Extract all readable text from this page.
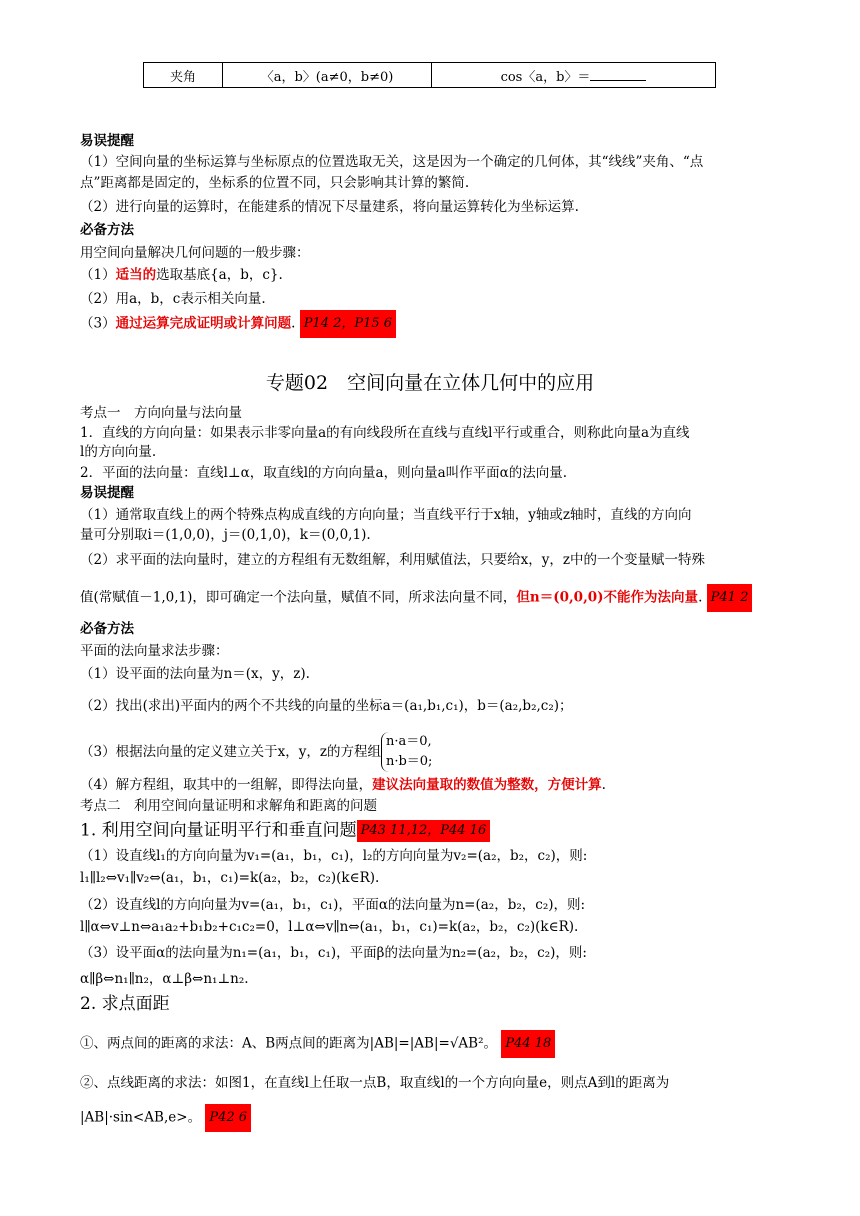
夹角	〈a，b〉(a≠0，b≠0)	cos〈a，b〉＝
易误提醒
（1）空间向量的坐标运算与坐标原点的位置选取无关，这是因为一个确定的几何体，其“线线”夹角、“点
点”距离都是固定的，坐标系的位置不同，只会影响其计算的繁简.
（2）进行向量的运算时，在能建系的情况下尽量建系，将向量运算转化为坐标运算.
必备方法
用空间向量解决几何问题的一般步骤：
（1）适当的选取基底{a，b，c}.
（2）用a，b，c表示相关向量.
（3）通过运算完成证明或计算问题. P14 2，P15 6
专题02　空间向量在立体几何中的应用
考点一　方向向量与法向量
1．直线的方向向量：如果表示非零向量a的有向线段所在直线与直线l平行或重合，则称此向量a为直线
l的方向向量.
2．平面的法向量：直线l⊥α，取直线l的方向向量a，则向量a叫作平面α的法向量.
易误提醒
（1）通常取直线上的两个特殊点构成直线的方向向量；当直线平行于x轴，y轴或z轴时，直线的方向向
量可分别取i＝(1,0,0)，j＝(0,1,0)，k＝(0,0,1).
（2）求平面的法向量时，建立的方程组有无数组解，利用赋值法，只要给x，y，z中的一个变量赋一特殊
值(常赋值－1,0,1)，即可确定一个法向量，赋值不同，所求法向量不同，但n＝(0,0,0)不能作为法向量. P41 2
必备方法
平面的法向量求法步骤：
（1）设平面的法向量为n＝(x，y，z).
（2）找出(求出)平面内的两个不共线的向量的坐标a＝(a₁,b₁,c₁)，b＝(a₂,b₂,c₂)；
（3）根据法向量的定义建立关于x，y，z的方程组n·a＝0,
n·b＝0;
（4）解方程组，取其中的一组解，即得法向量，建议法向量取的数值为整数，方便计算.
考点二　利用空间向量证明和求解角和距离的问题
1. 利用空间向量证明平行和垂直问题 P43 11,12，P44 16
（1）设直线l₁的方向向量为v₁=(a₁，b₁，c₁)，l₂的方向向量为v₂=(a₂，b₂，c₂)，则:
l₁∥l₂⇔v₁∥v₂⇔(a₁，b₁，c₁)=k(a₂，b₂，c₂)(k∈R).
（2）设直线l的方向向量为v=(a₁，b₁，c₁)，平面α的法向量为n=(a₂，b₂，c₂)，则:
l∥α⇔v⊥n⇔a₁a₂+b₁b₂+c₁c₂=0，l⊥α⇔v∥n⇔(a₁，b₁，c₁)=k(a₂，b₂，c₂)(k∈R).
（3）设平面α的法向量为n₁=(a₁，b₁，c₁)，平面β的法向量为n₂=(a₂，b₂，c₂)，则:
α∥β⇔n₁∥n₂，α⊥β⇔n₁⊥n₂.
2. 求点面距
①、两点间的距离的求法：A、B两点间的距离为|AB|=|AB|=√AB²。 P44 18
②、点线距离的求法：如图1，在直线l上任取一点B，取直线l的一个方向向量e，则点A到l的距离为
|AB|·sin<AB,e>。 P42 6
